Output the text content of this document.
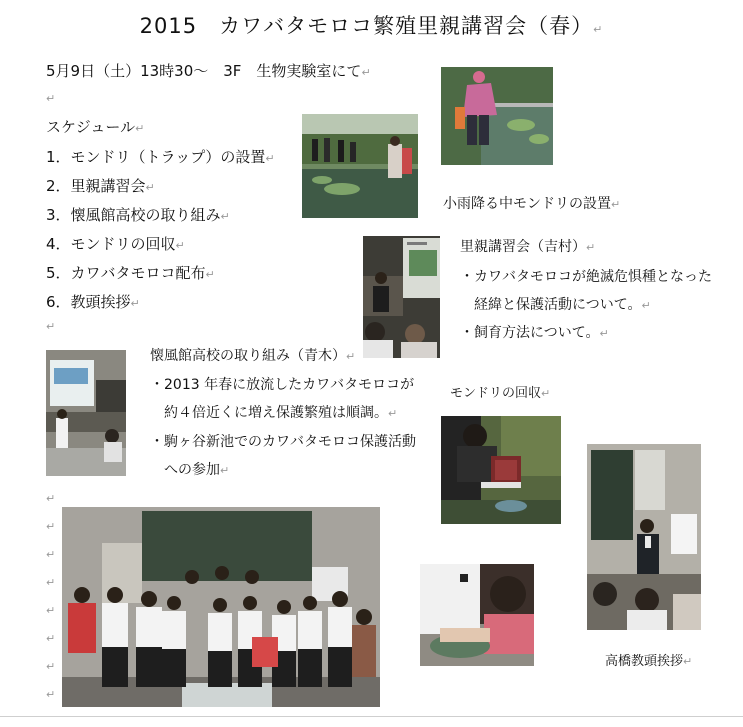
2015　カワバタモロコ繁殖里親講習会（春）↵
5月9日（土）13時30～　3F　生物実験室にて↵
↵
スケジュール↵
1．モンドリ（トラップ）の設置↵
2．里親講習会↵
3．懐風館高校の取り組み↵
4．モンドリの回収↵
5．カワバタモロコ配布↵
6．教頭挨拶↵
↵
↵
↵
↵
↵
↵
↵
↵
↵
小雨降る中モンドリの設置↵
里親講習会（吉村）↵
・カワバタモロコが絶滅危惧種となった
経緯と保護活動について。↵
・飼育方法について。↵
懐風館高校の取り組み（青木）↵
・2013 年春に放流したカワバタモロコが
約４倍近くに増え保護繁殖は順調。↵
・駒ヶ谷新池でのカワバタモロコ保護活動
への参加↵
モンドリの回収↵
高橋教頭挨拶↵
